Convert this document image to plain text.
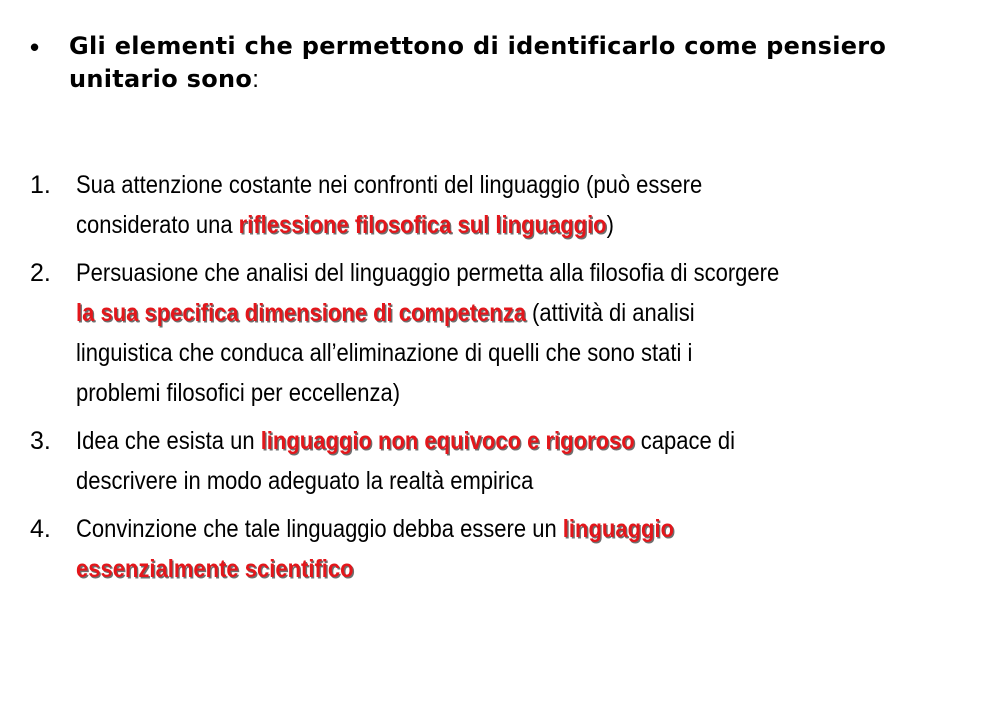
•	Gli elementi che permettono di identificarlo come pensiero unitario sono:
1.	Sua attenzione costante nei confronti del linguaggio (può essere considerato una riflessione filosofica sul linguaggio)
2.	Persuasione che analisi del linguaggio permetta alla filosofia di scorgere la sua specifica dimensione di competenza (attività di analisi linguistica che conduca all’eliminazione di quelli che sono stati i problemi filosofici per eccellenza)
3.	Idea che esista un linguaggio non equivoco e rigoroso capace di descrivere in modo adeguato la realtà empirica
4.	Convinzione che tale linguaggio debba essere un linguaggio essenzialmente scientifico
